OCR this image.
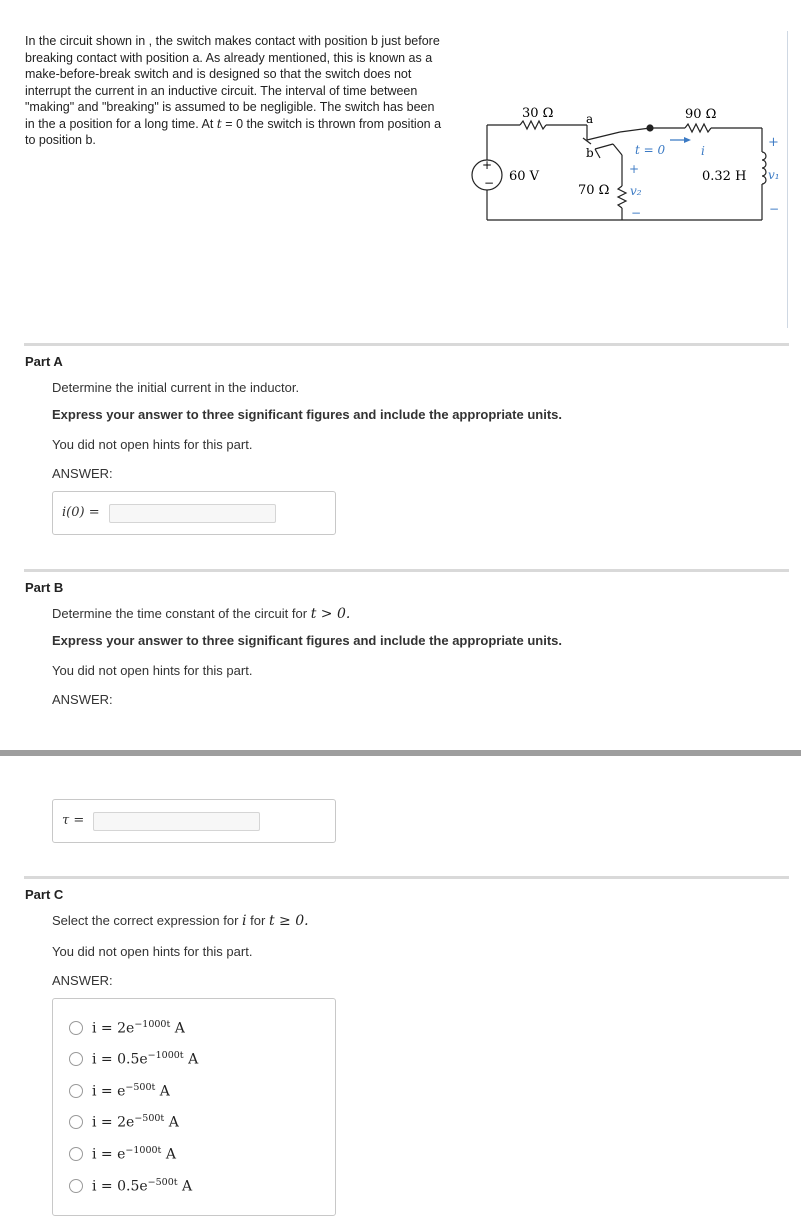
In the circuit shown in , the switch makes contact with position b just before breaking contact with position a. As already mentioned, this is known as a make-before-break switch and is designed so that the switch does not interrupt the current in an inductive circuit. The interval of time between "making" and "breaking" is assumed to be negligible. The switch has been in the a position for a long time. At t = 0 the switch is thrown from position a to position b.
+
− 60 V
30 Ω	a
b	t = 0
+
70 Ω v₂
−
90 Ω
i
0.32 H
+
v₁
−
Part A
Determine the initial current in the inductor.
Express your answer to three significant figures and include the appropriate units.
You did not open hints for this part.
ANSWER:
i(0) =
Part B
Determine the time constant of the circuit for t > 0.
Express your answer to three significant figures and include the appropriate units.
You did not open hints for this part.
ANSWER:
τ =
Part C
Select the correct expression for i for t ≥ 0.
You did not open hints for this part.
ANSWER:
$i = 2e^{-1000t}$ A
$i = 0.5e^{-1000t}$ A
$i = e^{-500t}$ A
$i = 2e^{-500t}$ A
$i = e^{-1000t}$ A
$i = 0.5e^{-500t}$ A
